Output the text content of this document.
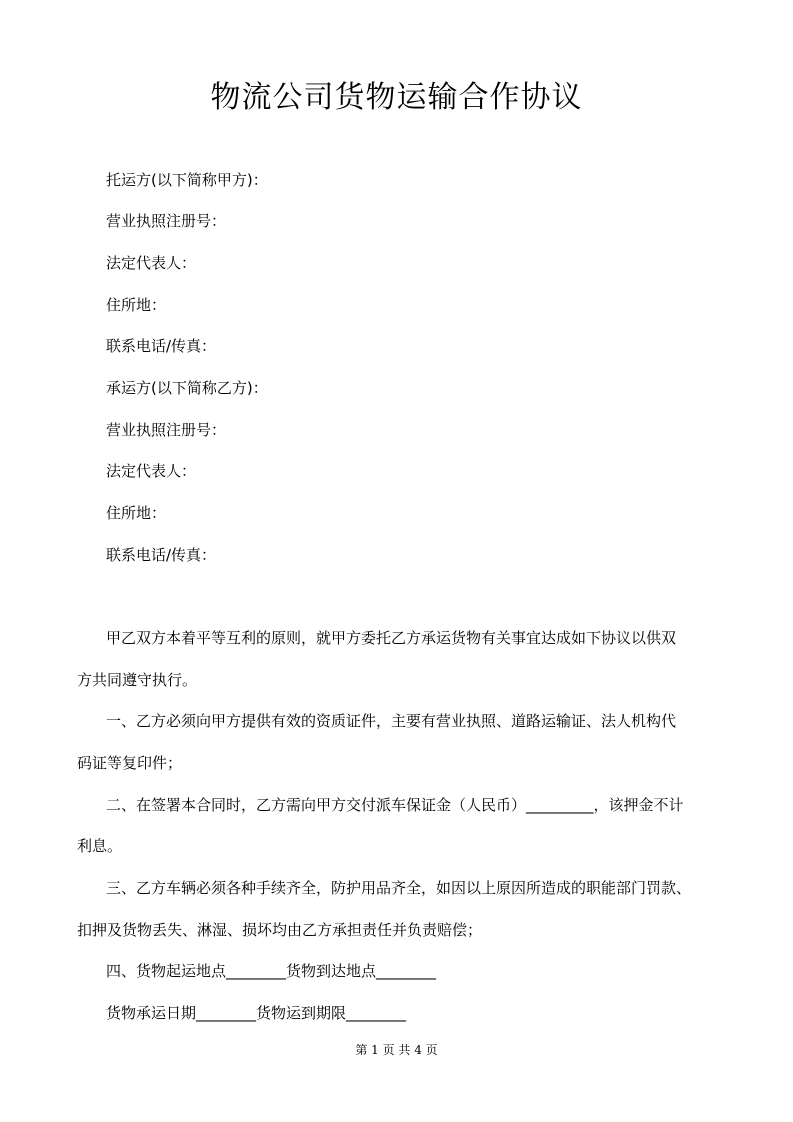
物流公司货物运输合作协议
托运方(以下简称甲方)：
营业执照注册号：
法定代表人：
住所地：
联系电话/传真：
承运方(以下简称乙方)：
营业执照注册号：
法定代表人：
住所地：
联系电话/传真：
甲乙双方本着平等互利的原则，就甲方委托乙方承运货物有关事宜达成如下协议以供双
方共同遵守执行。
一、乙方必须向甲方提供有效的资质证件，主要有营业执照、道路运输证、法人机构代
码证等复印件；
二、在签署本合同时，乙方需向甲方交付派车保证金（人民币）_________，该押金不计
利息。
三、乙方车辆必须各种手续齐全，防护用品齐全，如因以上原因所造成的职能部门罚款、
扣押及货物丢失、淋湿、损坏均由乙方承担责任并负责赔偿；
四、货物起运地点________货物到达地点________
货物承运日期________货物运到期限________
第 1 页 共 4 页
